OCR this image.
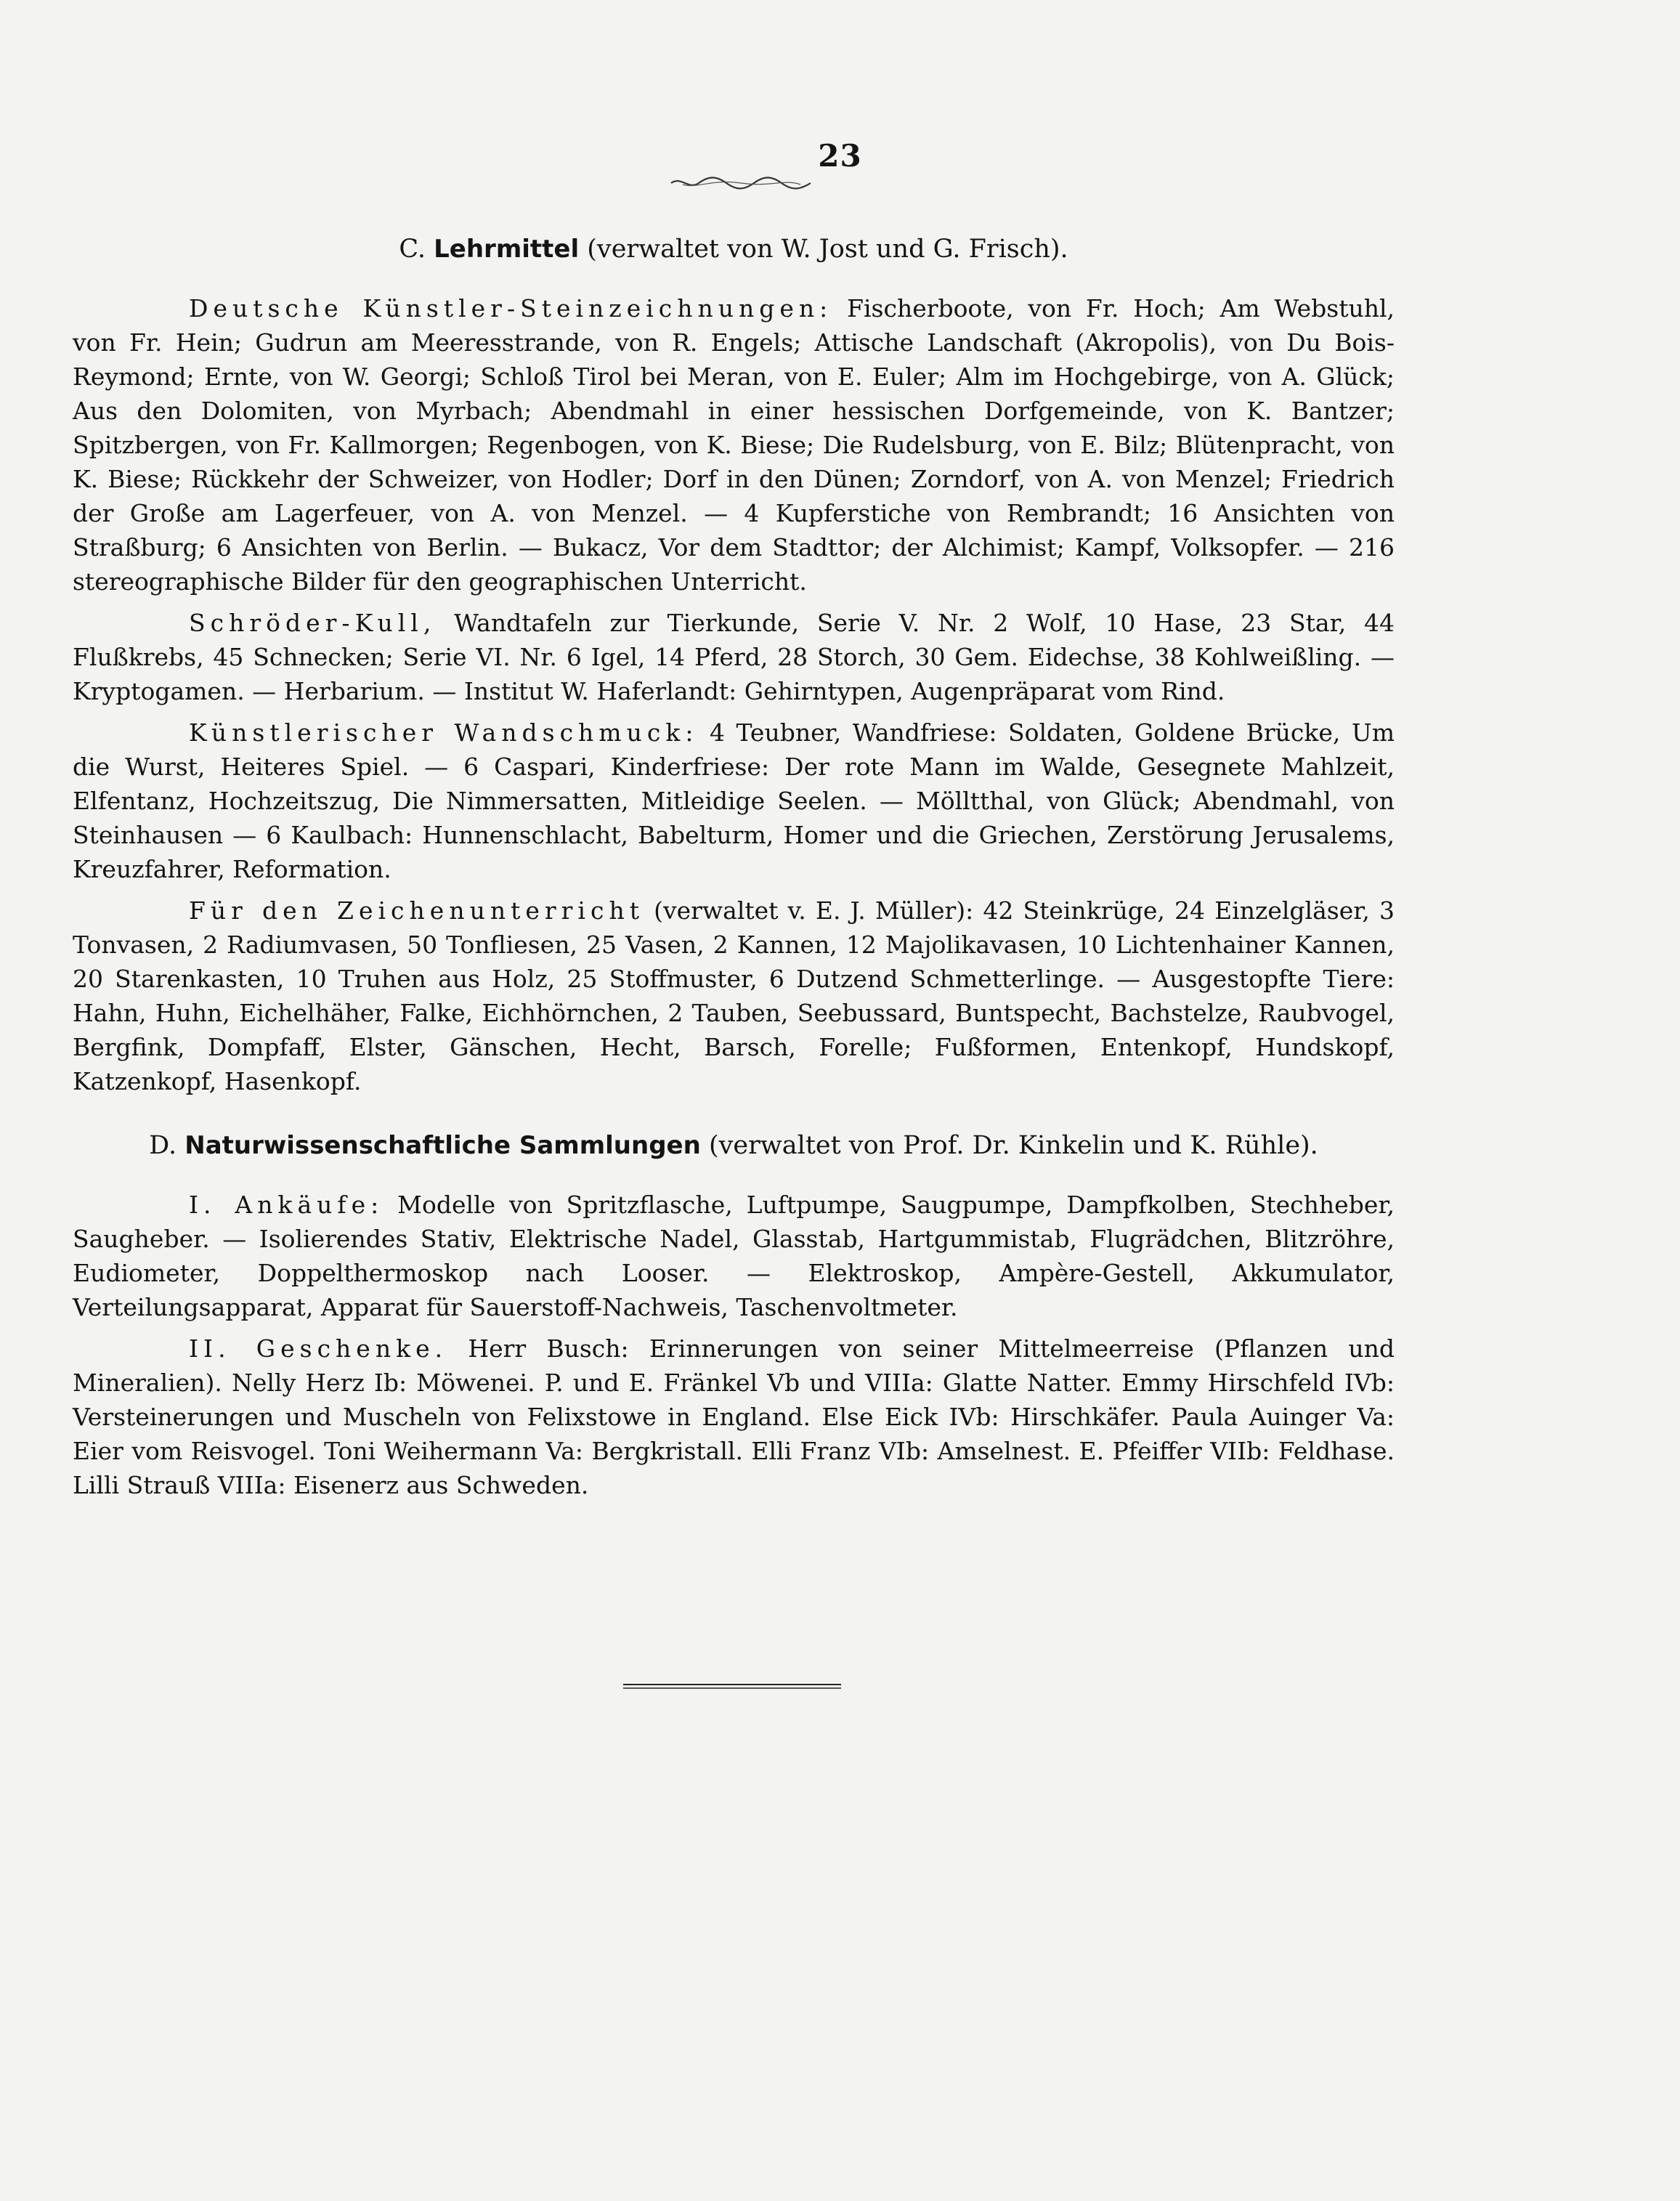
23
C. Lehrmittel (verwaltet von W. Jost und G. Frisch).

Deutsche Künstler-Steinzeichnungen: Fischerboote, von Fr. Hoch; Am Webstuhl, von Fr. Hein; Gudrun am Meeresstrande, von R. Engels; Attische Landschaft (Akropolis), von Du Bois-Reymond; Ernte, von W. Georgi; Schloß Tirol bei Meran, von E. Euler; Alm im Hochgebirge, von A. Glück; Aus den Dolomiten, von Myrbach; Abendmahl in einer hessischen Dorfgemeinde, von K. Bantzer; Spitzbergen, von Fr. Kallmorgen; Regenbogen, von K. Biese; Die Rudelsburg, von E. Bilz; Blütenpracht, von K. Biese; Rückkehr der Schweizer, von Hodler; Dorf in den Dünen; Zorndorf, von A. von Menzel; Friedrich der Große am Lagerfeuer, von A. von Menzel. — 4 Kupferstiche von Rembrandt; 16 Ansichten von Straßburg; 6 Ansichten von Berlin. — Bukacz, Vor dem Stadttor; der Alchimist; Kampf, Volksopfer. — 216 stereographische Bilder für den geographischen Unterricht.

Schröder-Kull, Wandtafeln zur Tierkunde, Serie V. Nr. 2 Wolf, 10 Hase, 23 Star, 44 Flußkrebs, 45 Schnecken; Serie VI. Nr. 6 Igel, 14 Pferd, 28 Storch, 30 Gem. Eidechse, 38 Kohlweißling. — Kryptogamen. — Herbarium. — Institut W. Haferlandt: Gehirntypen, Augenpräparat vom Rind.

Künstlerischer Wandschmuck: 4 Teubner, Wandfriese: Soldaten, Goldene Brücke, Um die Wurst, Heiteres Spiel. — 6 Caspari, Kinderfriese: Der rote Mann im Walde, Gesegnete Mahlzeit, Elfentanz, Hochzeitszug, Die Nimmersatten, Mitleidige Seelen. — Mölltthal, von Glück; Abendmahl, von Steinhausen — 6 Kaulbach: Hunnenschlacht, Babelturm, Homer und die Griechen, Zerstörung Jerusalems, Kreuzfahrer, Reformation.

Für den Zeichenunterricht (verwaltet v. E. J. Müller): 42 Steinkrüge, 24 Einzelgläser, 3 Tonvasen, 2 Radiumvasen, 50 Tonfliesen, 25 Vasen, 2 Kannen, 12 Majolikavasen, 10 Lichtenhainer Kannen, 20 Starenkasten, 10 Truhen aus Holz, 25 Stoffmuster, 6 Dutzend Schmetterlinge. — Ausgestopfte Tiere: Hahn, Huhn, Eichelhäher, Falke, Eichhörnchen, 2 Tauben, Seebussard, Buntspecht, Bachstelze, Raubvogel, Bergfink, Dompfaff, Elster, Gänschen, Hecht, Barsch, Forelle; Fußformen, Entenkopf, Hundskopf, Katzenkopf, Hasenkopf.

D. Naturwissenschaftliche Sammlungen (verwaltet von Prof. Dr. Kinkelin und K. Rühle).

I. Ankäufe: Modelle von Spritzflasche, Luftpumpe, Saugpumpe, Dampfkolben, Stechheber, Saugheber. — Isolierendes Stativ, Elektrische Nadel, Glasstab, Hartgummistab, Flugrädchen, Blitzröhre, Eudiometer, Doppelthermoskop nach Looser. — Elektroskop, Ampère-Gestell, Akkumulator, Verteilungsapparat, Apparat für Sauerstoff-Nachweis, Taschenvoltmeter.

II. Geschenke. Herr Busch: Erinnerungen von seiner Mittelmeerreise (Pflanzen und Mineralien). Nelly Herz Ib: Möwenei. P. und E. Fränkel Vb und VIIIa: Glatte Natter. Emmy Hirschfeld IVb: Versteinerungen und Muscheln von Felixstowe in England. Else Eick IVb: Hirschkäfer. Paula Auinger Va: Eier vom Reisvogel. Toni Weihermann Va: Bergkristall. Elli Franz VIb: Amselnest. E. Pfeiffer VIIb: Feldhase. Lilli Strauß VIIIa: Eisenerz aus Schweden.
